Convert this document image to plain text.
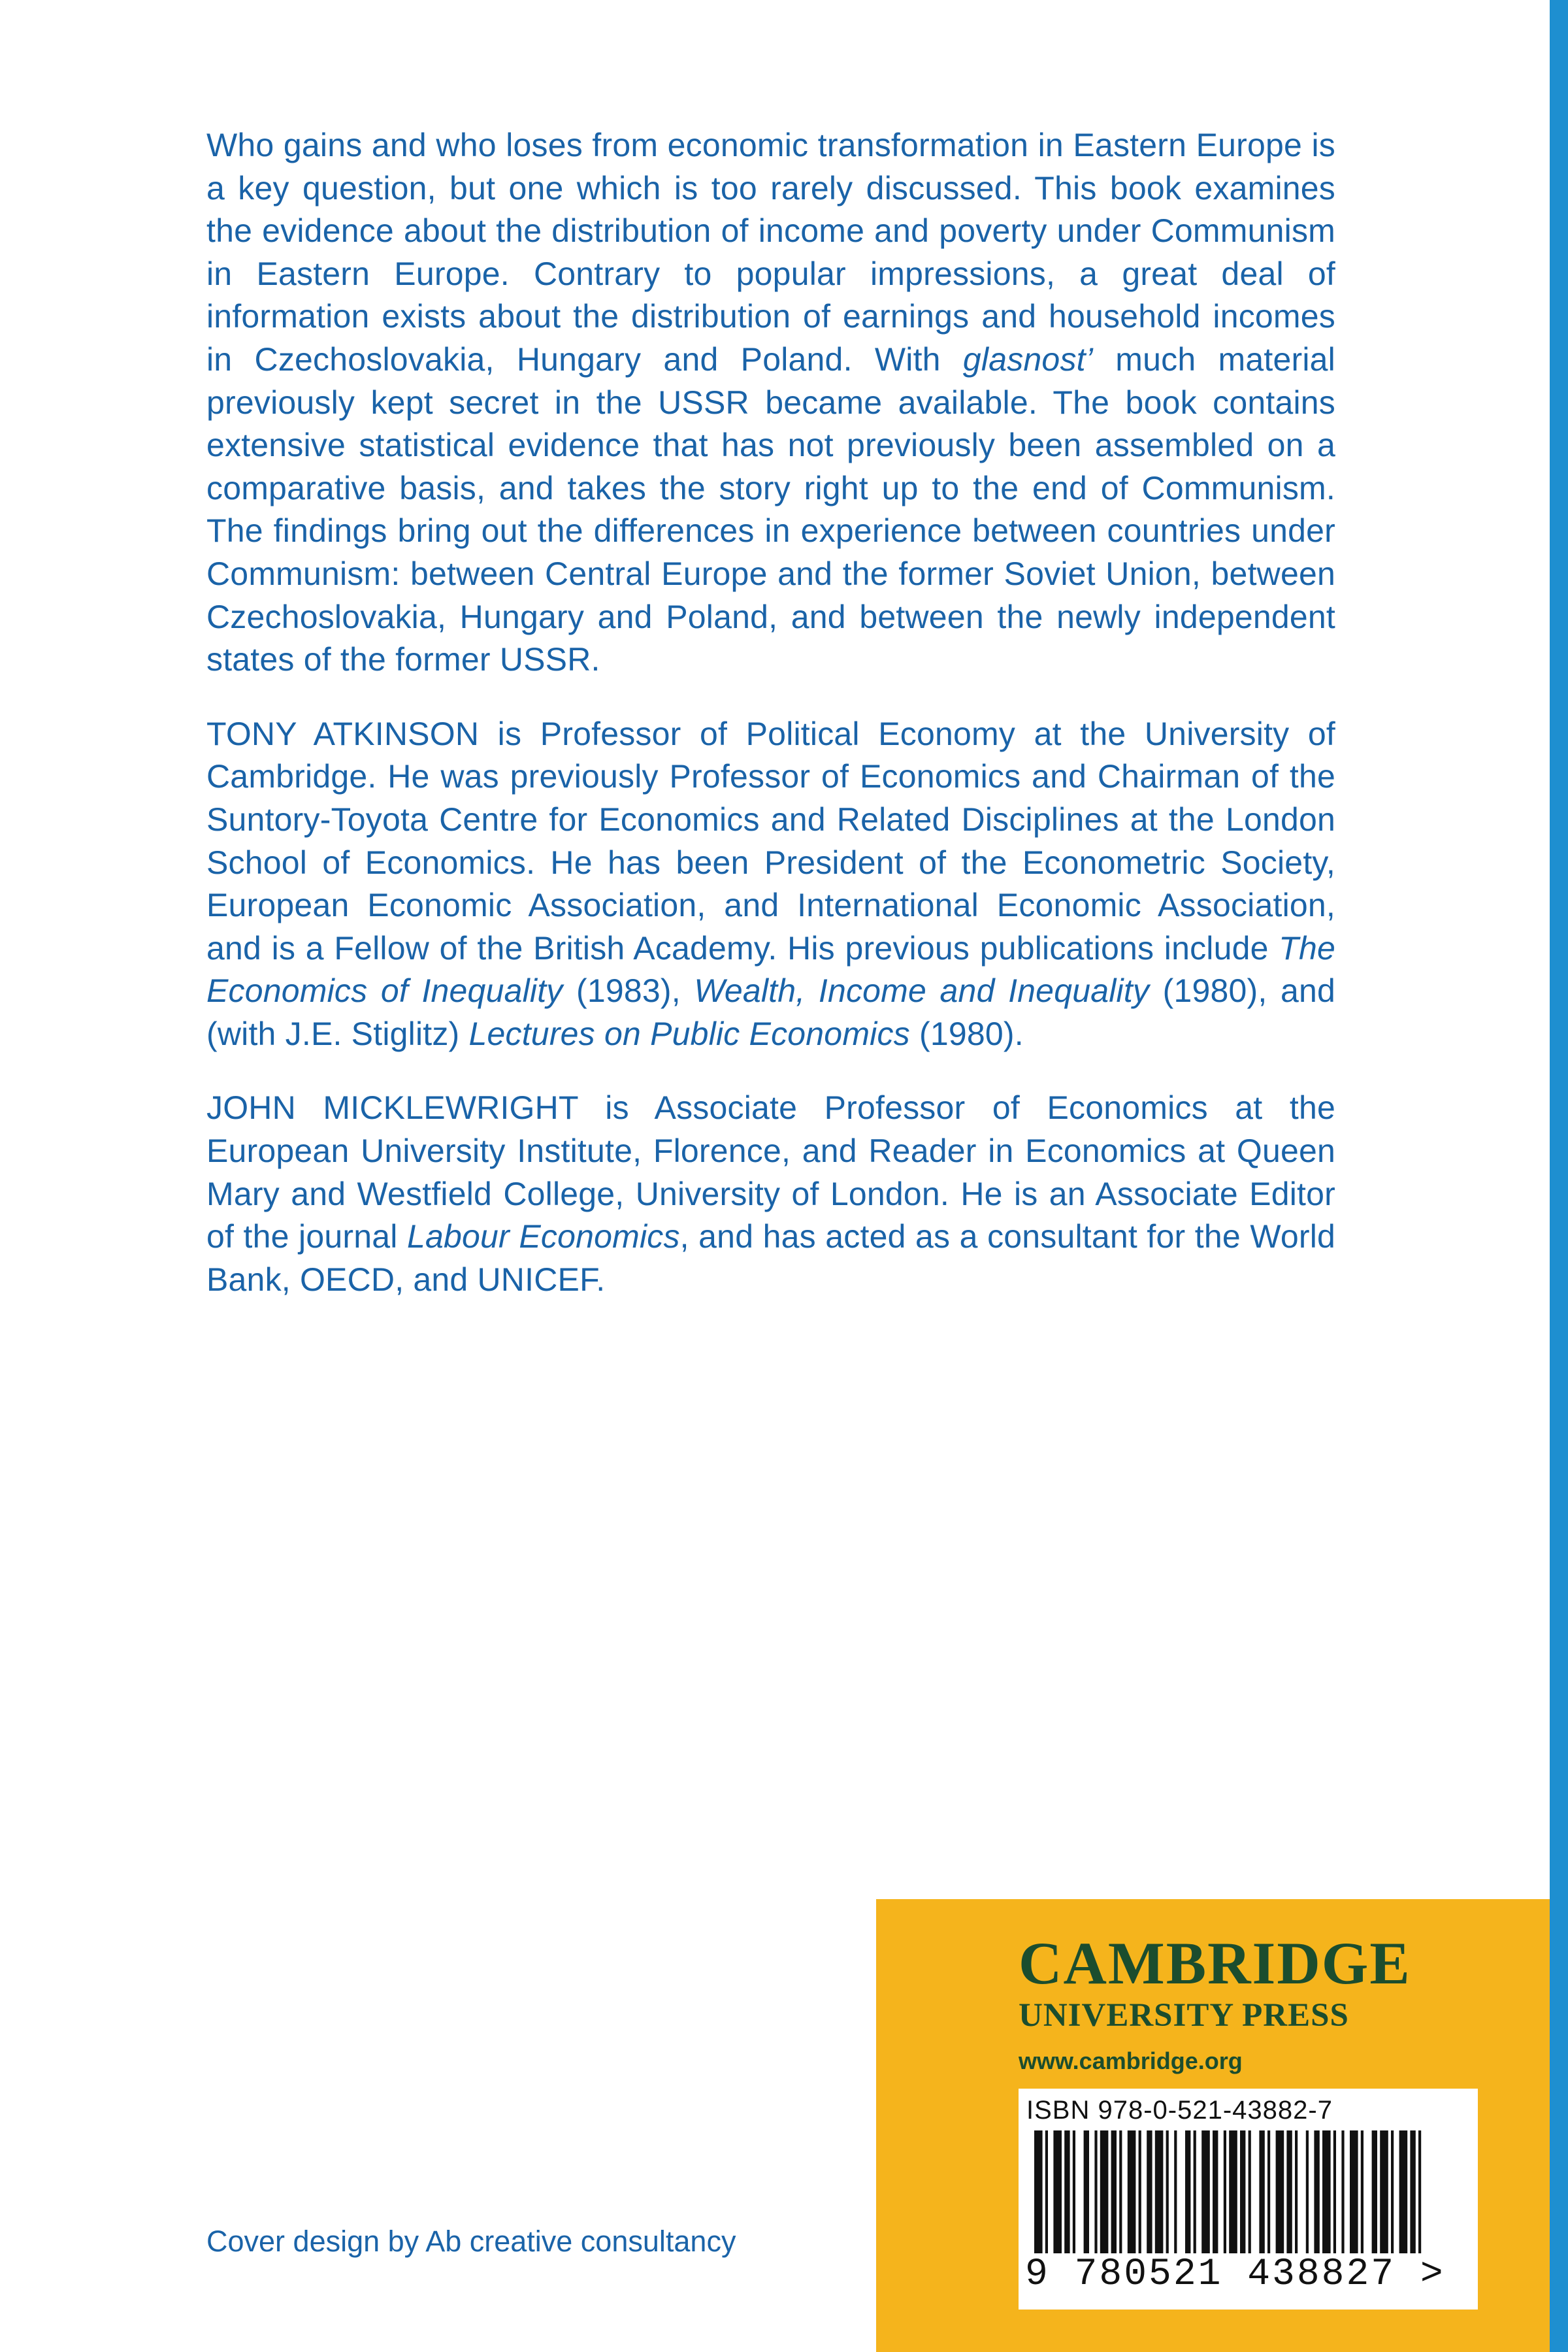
Who gains and who loses from economic transformation in Eastern Europe is a key question, but one which is too rarely discussed. This book examines the evidence about the distribution of income and poverty under Communism in Eastern Europe. Contrary to popular impressions, a great deal of information exists about the distribution of earnings and household incomes in Czechoslovakia, Hungary and Poland. With glasnost’ much material previously kept secret in the USSR became available. The book contains extensive statistical evidence that has not previously been assembled on a comparative basis, and takes the story right up to the end of Communism. The findings bring out the differences in experience between countries under Communism: between Central Europe and the former Soviet Union, between Czechoslovakia, Hungary and Poland, and between the newly independent states of the former USSR.

TONY ATKINSON is Professor of Political Economy at the University of Cambridge. He was previously Professor of Economics and Chairman of the Suntory-Toyota Centre for Economics and Related Disciplines at the London School of Economics. He has been President of the Econometric Society, European Economic Association, and International Economic Association, and is a Fellow of the British Academy. His previous publications include The Economics of Inequality (1983), Wealth, Income and Inequality (1980), and (with J.E. Stiglitz) Lectures on Public Economics (1980).

JOHN MICKLEWRIGHT is Associate Professor of Economics at the European University Institute, Florence, and Reader in Economics at Queen Mary and Westfield College, University of London. He is an Associate Editor of the journal Labour Economics, and has acted as a consultant for the World Bank, OECD, and UNICEF.

Cover design by Ab creative consultancy
CAMBRIDGE
UNIVERSITY PRESS
www.cambridge.org
ISBN 978-0-521-43882-7
9 780521 438827 >
